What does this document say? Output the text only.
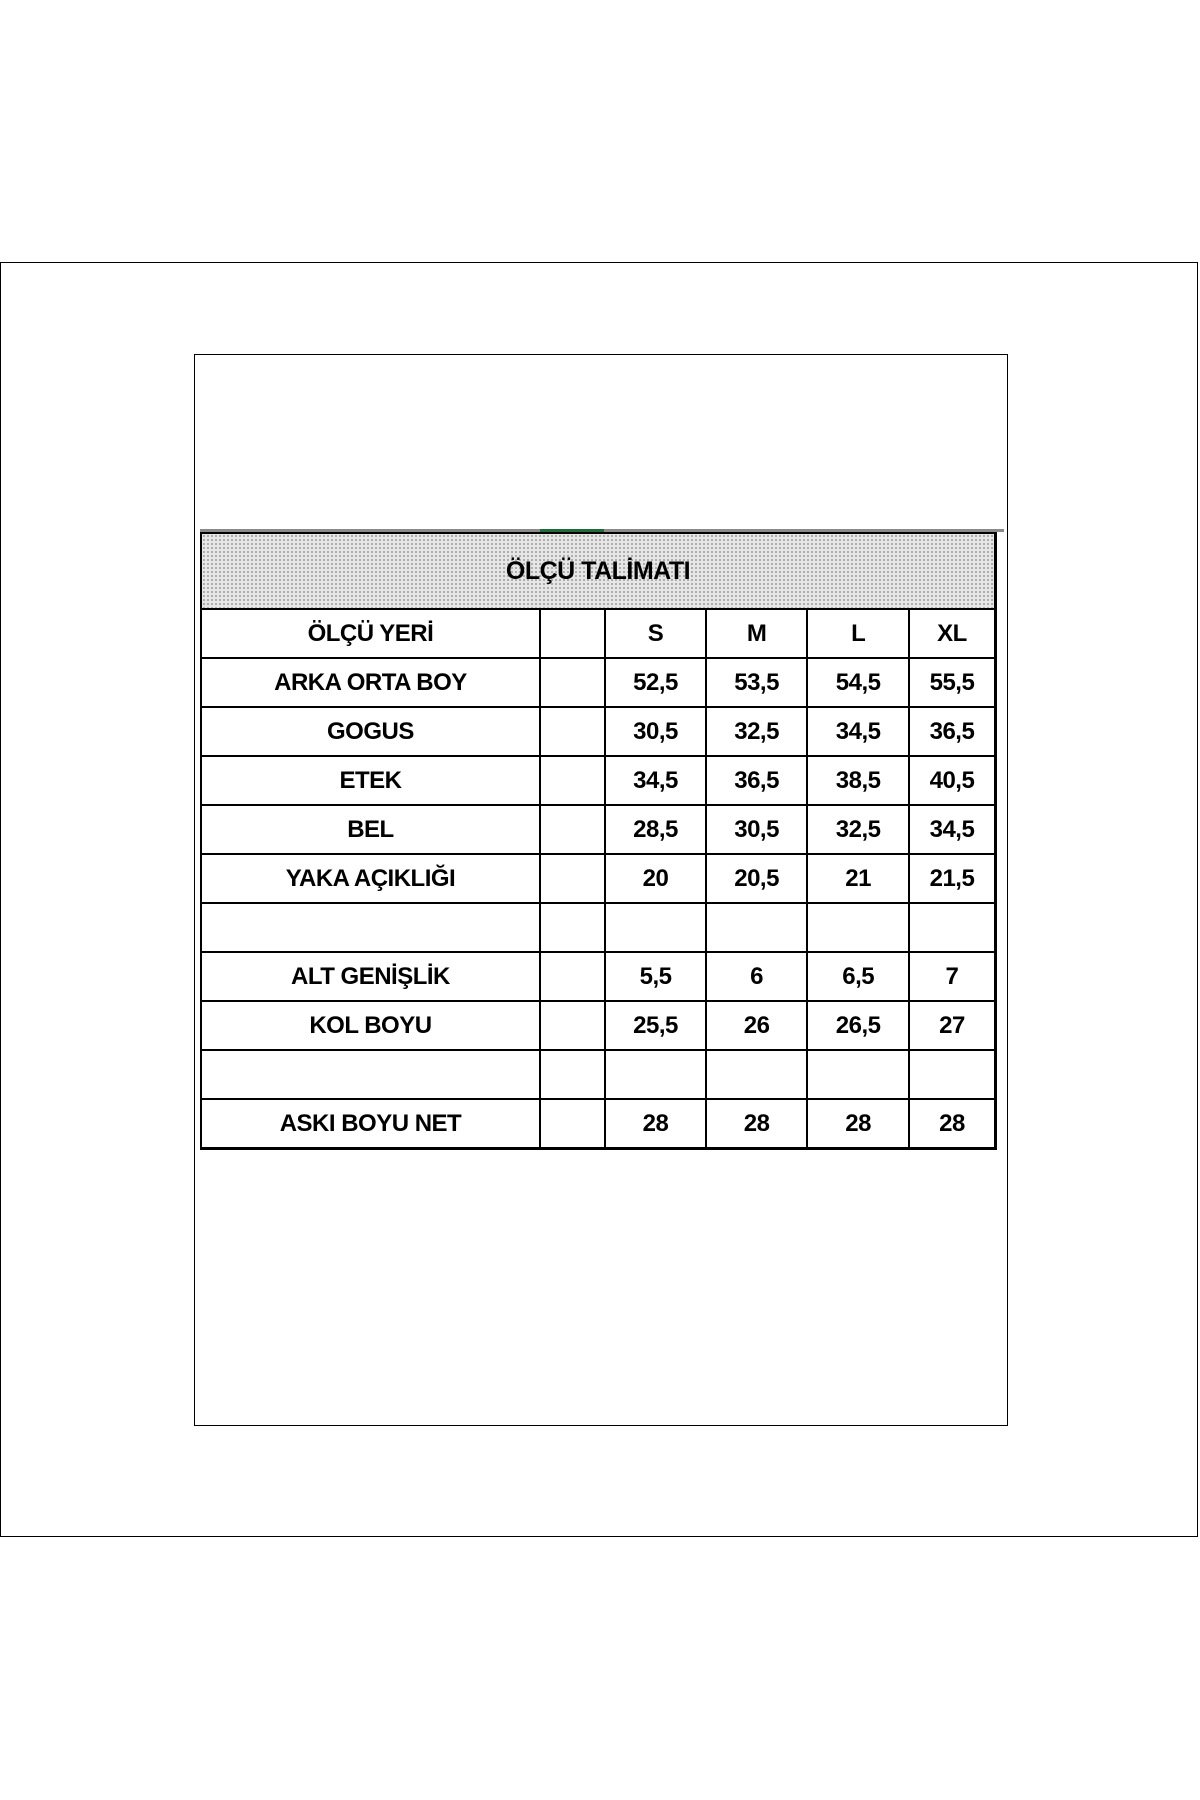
ÖLÇÜ TALİMATI					
ÖLÇÜ YERİ		S	M	L	XL
ARKA ORTA BOY		52,5	53,5	54,5	55,5
GOGUS		30,5	32,5	34,5	36,5
ETEK		34,5	36,5	38,5	40,5
BEL		28,5	30,5	32,5	34,5
YAKA AÇIKLIĞI		20	20,5	21	21,5

ALT GENİŞLİK		5,5	6	6,5	7
KOL BOYU		25,5	26	26,5	27

ASKI BOYU NET		28	28	28	28
